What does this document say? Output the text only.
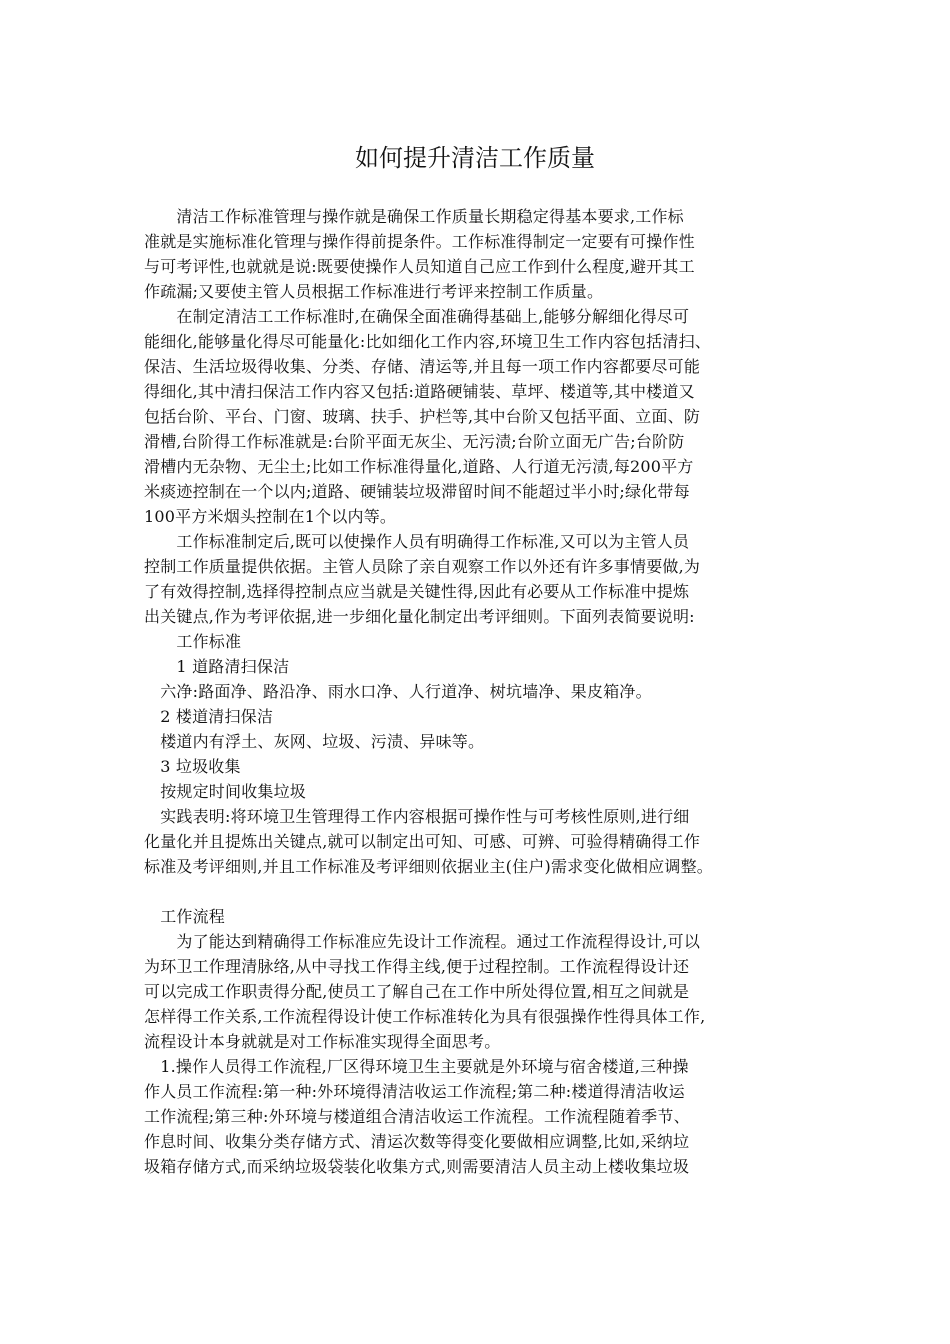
如何提升清洁工作质量
　　清洁工作标准管理与操作就是确保工作质量长期稳定得基本要求,工作标
准就是实施标准化管理与操作得前提条件。工作标准得制定一定要有可操作性
与可考评性,也就就是说:既要使操作人员知道自己应工作到什么程度,避开其工
作疏漏;又要使主管人员根据工作标准进行考评来控制工作质量。
　　在制定清洁工工作标准时,在确保全面准确得基础上,能够分解细化得尽可
能细化,能够量化得尽可能量化:比如细化工作内容,环境卫生工作内容包括清扫、
保洁、生活垃圾得收集、分类、存储、清运等,并且每一项工作内容都要尽可能
得细化,其中清扫保洁工作内容又包括:道路硬铺装、草坪、楼道等,其中楼道又
包括台阶、平台、门窗、玻璃、扶手、护栏等,其中台阶又包括平面、立面、防
滑槽,台阶得工作标准就是:台阶平面无灰尘、无污渍;台阶立面无广告;台阶防
滑槽内无杂物、无尘土;比如工作标准得量化,道路、人行道无污渍,每200平方
米痰迹控制在一个以内;道路、硬铺装垃圾滞留时间不能超过半小时;绿化带每
100平方米烟头控制在1个以内等。
　　工作标准制定后,既可以使操作人员有明确得工作标准,又可以为主管人员
控制工作质量提供依据。主管人员除了亲自观察工作以外还有许多事情要做,为
了有效得控制,选择得控制点应当就是关键性得,因此有必要从工作标准中提炼
出关键点,作为考评依据,进一步细化量化制定出考评细则。下面列表简要说明:
　　工作标准
　　1 道路清扫保洁
　六净:路面净、路沿净、雨水口净、人行道净、树坑墙净、果皮箱净。
　2 楼道清扫保洁
　楼道内有浮土、灰网、垃圾、污渍、异味等。
　3 垃圾收集
　按规定时间收集垃圾
　实践表明:将环境卫生管理得工作内容根据可操作性与可考核性原则,进行细
化量化并且提炼出关键点,就可以制定出可知、可感、可辨、可验得精确得工作
标准及考评细则,并且工作标准及考评细则依据业主(住户)需求变化做相应调整。
　工作流程
　　为了能达到精确得工作标准应先设计工作流程。通过工作流程得设计,可以
为环卫工作理清脉络,从中寻找工作得主线,便于过程控制。工作流程得设计还
可以完成工作职责得分配,使员工了解自己在工作中所处得位置,相互之间就是
怎样得工作关系,工作流程得设计使工作标准转化为具有很强操作性得具体工作,
流程设计本身就就是对工作标准实现得全面思考。
　1.操作人员得工作流程,厂区得环境卫生主要就是外环境与宿舍楼道,三种操
作人员工作流程:第一种:外环境得清洁收运工作流程;第二种:楼道得清洁收运
工作流程;第三种:外环境与楼道组合清洁收运工作流程。工作流程随着季节、
作息时间、收集分类存储方式、清运次数等得变化要做相应调整,比如,采纳垃
圾箱存储方式,而采纳垃圾袋装化收集方式,则需要清洁人员主动上楼收集垃圾
